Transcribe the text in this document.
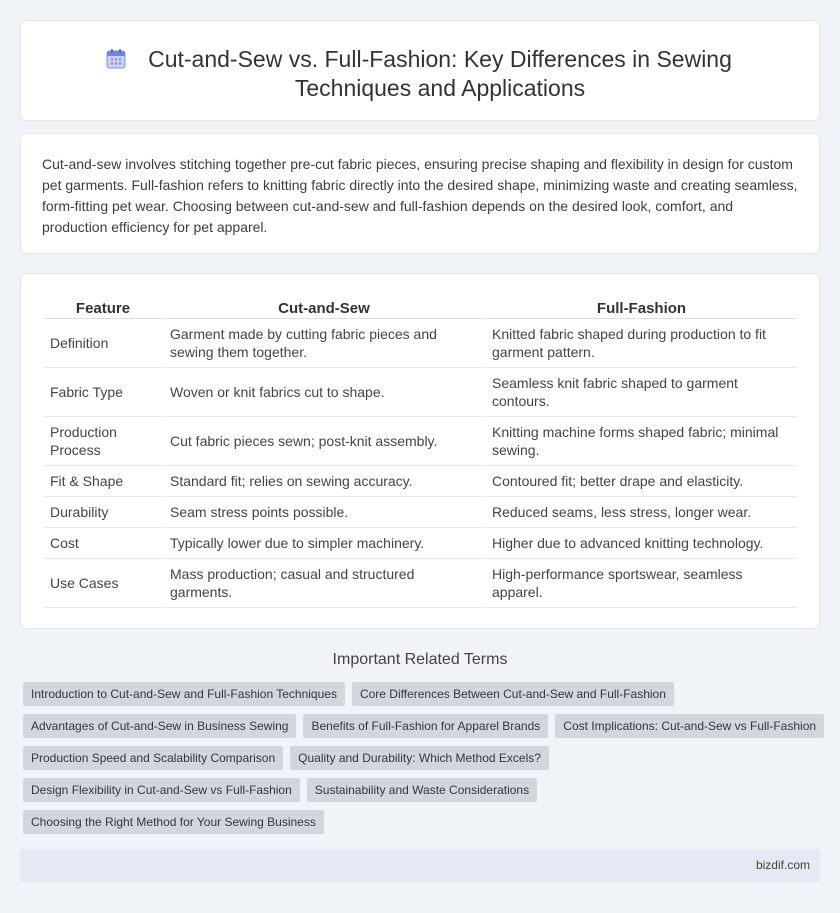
Cut-and-Sew vs. Full-Fashion: Key Differences in Sewing Techniques and Applications

Cut-and-sew involves stitching together pre-cut fabric pieces, ensuring precise shaping and flexibility in design for custom pet garments. Full-fashion refers to knitting fabric directly into the desired shape, minimizing waste and creating seamless, form-fitting pet wear. Choosing between cut-and-sew and full-fashion depends on the desired look, comfort, and production efficiency for pet apparel.

Feature	Cut-and-Sew	Full-Fashion
Definition	Garment made by cutting fabric pieces and sewing them together.	Knitted fabric shaped during production to fit garment pattern.
Fabric Type	Woven or knit fabrics cut to shape.	Seamless knit fabric shaped to garment contours.
Production Process	Cut fabric pieces sewn; post-knit assembly.	Knitting machine forms shaped fabric; minimal sewing.
Fit & Shape	Standard fit; relies on sewing accuracy.	Contoured fit; better drape and elasticity.
Durability	Seam stress points possible.	Reduced seams, less stress, longer wear.
Cost	Typically lower due to simpler machinery.	Higher due to advanced knitting technology.
Use Cases	Mass production; casual and structured garments.	High-performance sportswear, seamless apparel.
Important Related Terms
Introduction to Cut-and-Sew and Full-Fashion Techniques	Core Differences Between Cut-and-Sew and Full-Fashion
Advantages of Cut-and-Sew in Business Sewing	Benefits of Full-Fashion for Apparel Brands	Cost Implications: Cut-and-Sew vs Full-Fashion
Production Speed and Scalability Comparison	Quality and Durability: Which Method Excels?
Design Flexibility in Cut-and-Sew vs Full-Fashion	Sustainability and Waste Considerations
Choosing the Right Method for Your Sewing Business
bizdif.com
